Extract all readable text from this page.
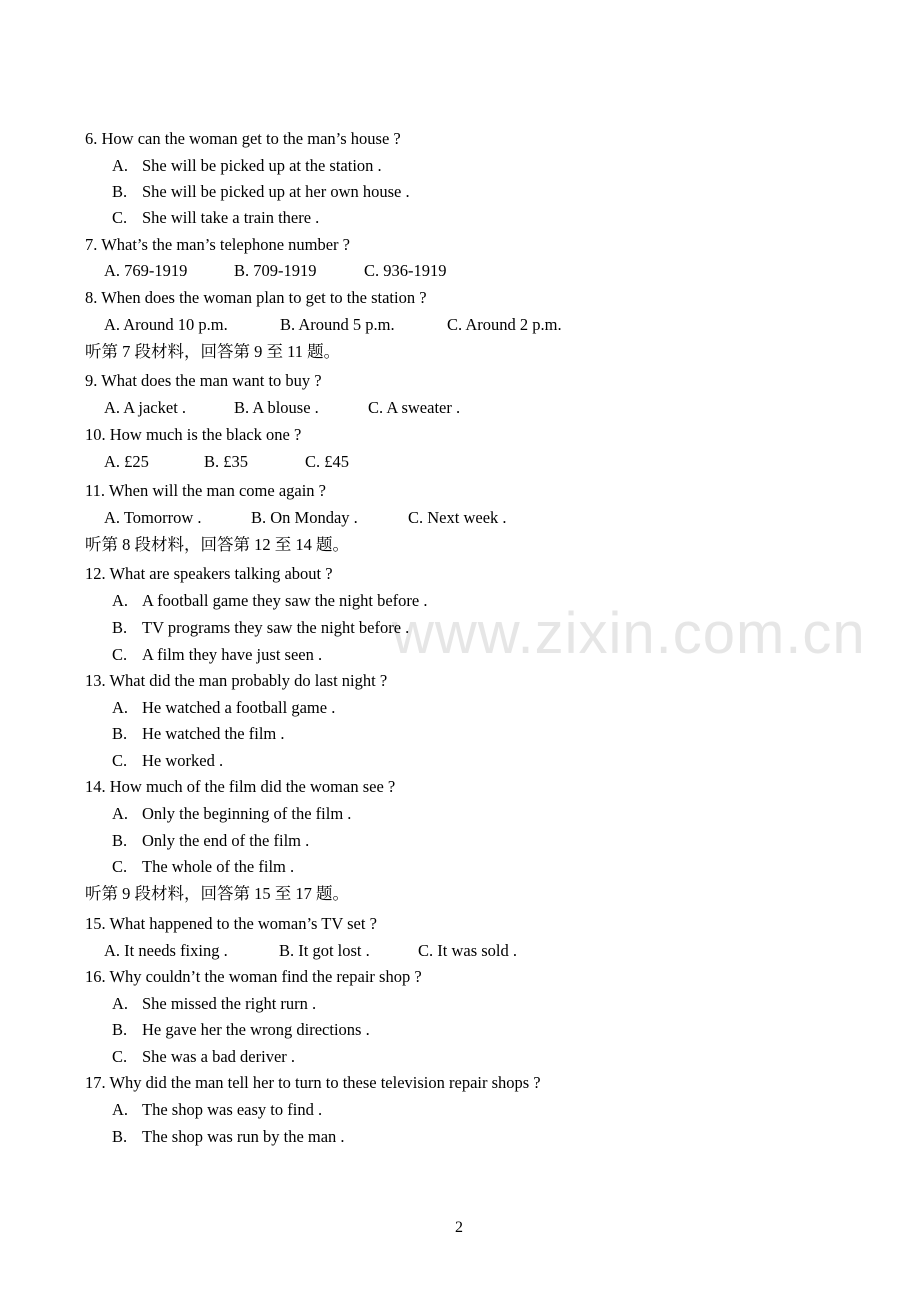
www.zixin.com.cn
6. How can the woman get to the man’s house ?
A. She will be picked up at the station .
B. She will be picked up at her own house .
C. She will take a train there .
7. What’s the man’s telephone number ?
A. 769-1919	B. 709-1919	C. 936-1919
8. When does the woman plan to get to the station ?
A. Around 10 p.m.	B. Around 5 p.m.	C. Around 2 p.m.
听第 7 段材料，回答第 9 至 11 题。
9. What does the man want to buy ?
A. A jacket .	B. A blouse .	C. A sweater .
10. How much is the black one ?
A. £25	B. £35	C. £45
11. When will the man come again ?
A. Tomorrow .	B. On Monday .	C. Next week .
听第 8 段材料，回答第 12 至 14 题。
12. What are speakers talking about ?
A. A football game they saw the night before .
B. TV programs they saw the night before .
C. A film they have just seen .
13. What did the man probably do last night ?
A. He watched a football game .
B. He watched the film .
C. He worked .
14. How much of the film did the woman see ?
A. Only the beginning of the film .
B. Only the end of the film .
C. The whole of the film .
听第 9 段材料，回答第 15 至 17 题。
15. What happened to the woman’s TV set ?
A. It needs fixing .	B. It got lost .	C. It was sold .
16. Why couldn’t the woman find the repair shop ?
A. She missed the right rurn .
B. He gave her the wrong directions .
C. She was a bad deriver .
17. Why did the man tell her to turn to these television repair shops ?
A. The shop was easy to find .
B. The shop was run by the man .
2
